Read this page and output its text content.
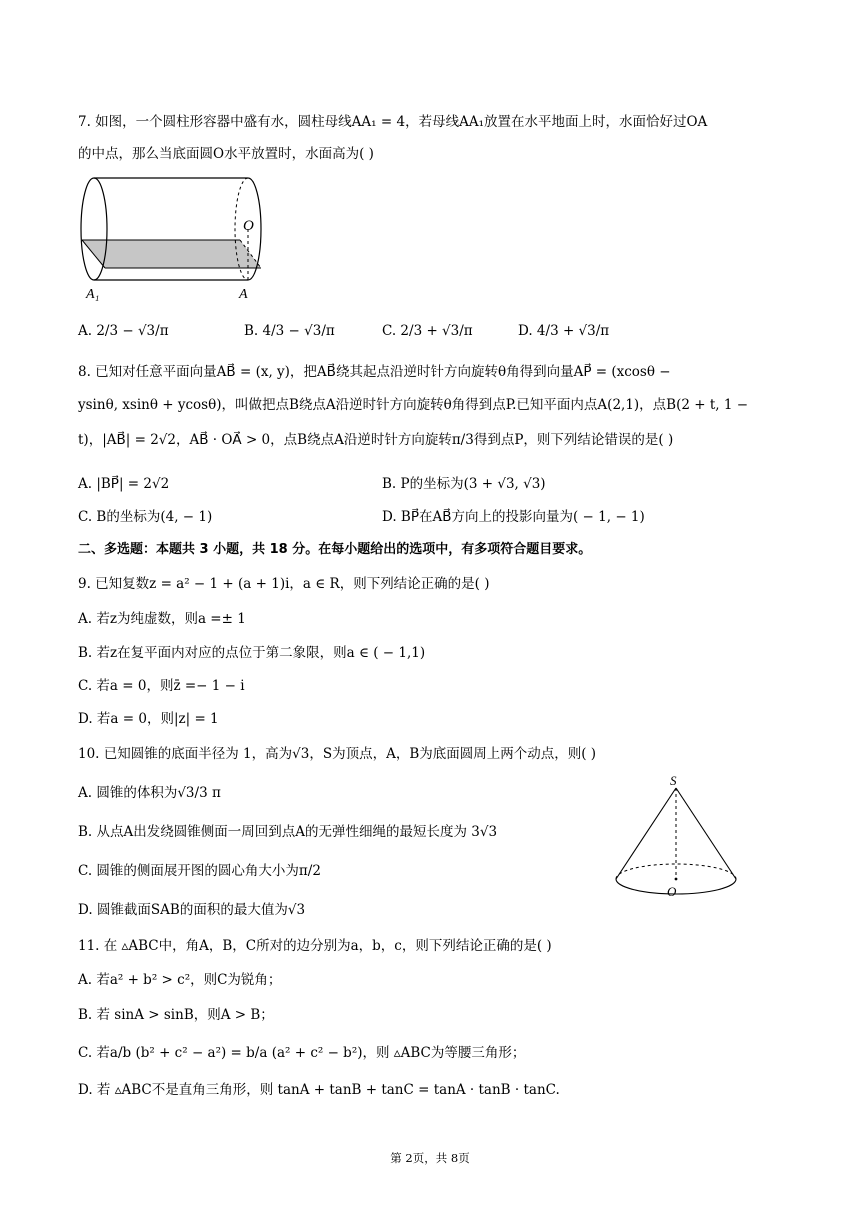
7. 如图，一个圆柱形容器中盛有水，圆柱母线AA₁ = 4，若母线AA₁放置在水平地面上时，水面恰好过OA
的中点，那么当底面圆O水平放置时，水面高为( )
O
A₁	A
A. 2/3 − √3/π	B. 4/3 − √3/π	C. 2/3 + √3/π	D. 4/3 + √3/π
8. 已知对任意平面向量AB⃗ = (x, y)，把AB⃗绕其起点沿逆时针方向旋转θ角得到向量AP⃗ = (xcosθ −
ysinθ, xsinθ + ycosθ)，叫做把点B绕点A沿逆时针方向旋转θ角得到点P.已知平面内点A(2,1)，点B(2 + t, 1 −
t)，|AB⃗| = 2√2，AB⃗ · OA⃗ > 0，点B绕点A沿逆时针方向旋转π/3得到点P，则下列结论错误的是( )
A. |BP⃗| = 2√2	B. P的坐标为(3 + √3, √3)
C. B的坐标为(4, − 1)	D. BP⃗在AB⃗方向上的投影向量为( − 1, − 1)
二、多选题：本题共 3 小题，共 18 分。在每小题给出的选项中，有多项符合题目要求。
9. 已知复数z = a² − 1 + (a + 1)i，a ∈ R，则下列结论正确的是( )
A. 若z为纯虚数，则a =± 1
B. 若z在复平面内对应的点位于第二象限，则a ∈ ( − 1,1)
C. 若a = 0，则z̄ =− 1 − i
D. 若a = 0，则|z| = 1
10. 已知圆锥的底面半径为 1，高为√3，S为顶点，A，B为底面圆周上两个动点，则( )
A. 圆锥的体积为√3/3 π
B. 从点A出发绕圆锥侧面一周回到点A的无弹性细绳的最短长度为 3√3
C. 圆锥的侧面展开图的圆心角大小为π/2
D. 圆锥截面SAB的面积的最大值为√3
S
O
11. 在 ▵ABC中，角A，B，C所对的边分别为a，b，c，则下列结论正确的是( )
A. 若a² + b² > c²，则C为锐角；
B. 若 sinA > sinB，则A > B；
C. 若a/b (b² + c² − a²) = b/a (a² + c² − b²)，则 ▵ABC为等腰三角形；
D. 若 ▵ABC不是直角三角形，则 tanA + tanB + tanC = tanA · tanB · tanC.
第 2页，共 8页
